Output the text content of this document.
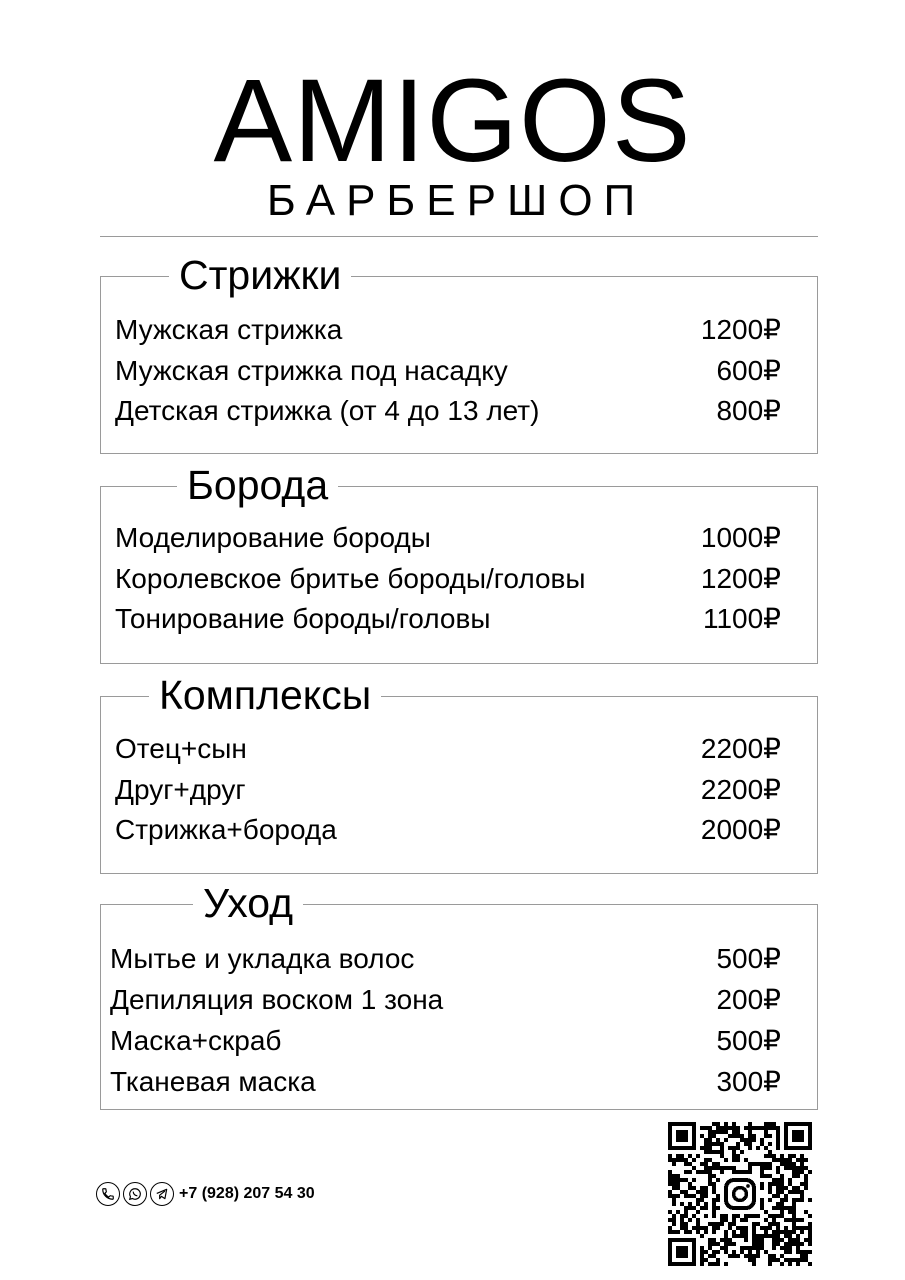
AMIGOS
БАРБЕРШОП
Стрижки
Мужская стрижка	1200₽
Мужская стрижка под насадку	600₽
Детская стрижка (от 4 до 13 лет)	800₽
Борода
Моделирование бороды	1000₽
Королевское бритье бороды/головы	1200₽
Тонирование бороды/головы	1100₽
Комплексы
Отец+сын	2200₽
Друг+друг	2200₽
Стрижка+борода	2000₽
Уход
Мытье и укладка волос	500₽
Депиляция воском 1 зона	200₽
Маска+скраб	500₽
Тканевая маска	300₽
+7 (928) 207 54 30
